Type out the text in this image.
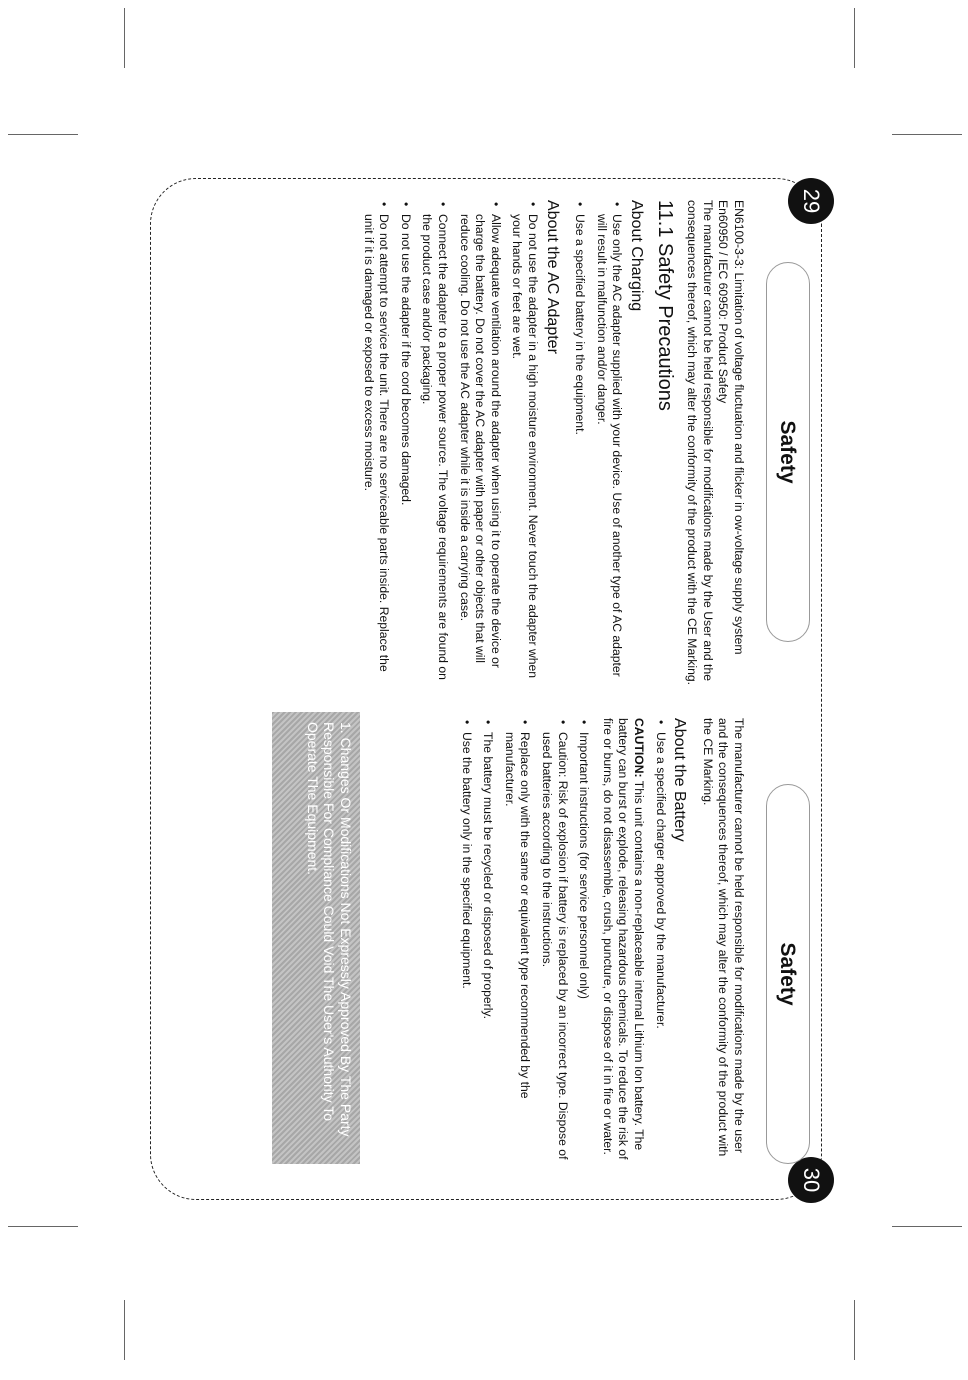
29
30
Safety
Safety

EN6100-3-3: Limitation of voltage fluctuation and flicker in ow-voltage supply system

En60950 / IEC 60950: Product Safety

The manufacturer cannot be held responsible for modifications made by the User and the consequences thereof, which may alter the conformity of the product with the CE Marking.

11.1 Safety Precautions
About Charging
• Use only the AC adapter supplied with your device. Use of another type of AC adapter will result in malfunction and/or danger.
• Use a specified battery in the equipment.
About the AC Adapter
• Do not use the adapter in a high moisture environment. Never touch the adapter when your hands or feet are wet.
• Allow adequate ventilation around the adapter when using it to operate the device or charge the battery. Do not cover the AC adapter with paper or other objects that will reduce cooling. Do not use the AC adapter while it is inside a carrying case.
• Connect the adapter to a proper power source. The voltage requirements are found on the product case and/or packaging.
• Do not use the adapter if the cord becomes damaged.
• Do not attempt to service the unit. There are no serviceable parts inside. Replace the unit if it is damaged or exposed to excess moisture.

The manufacturer cannot be held responsible for modifications made by the user and the consequences thereof, which may alter the conformity of the product with the CE Marking.

About the Battery
• Use a specified charger approved by the manufacturer.

CAUTION: This unit contains a non-replaceable internal Lithium Ion battery. The battery can burst or explode, releasing hazardous chemicals. To reduce the risk of fire or burns, do not disassemble, crush, puncture, or dispose of it in fire or water.

• Important instructions (for service personnel only)
• Caution: Risk of explosion if battery is replaced by an incorrect type. Dispose of used batteries according to the instructions.
• Replace only with the same or equivalent type recommended by the manufacturer.
• The battery must be recycled or disposed of properly.
• Use the battery only in the specified equipment.
1. Changes Or Modifications Not Expressly Approved By The Party Responsible For Compliance Could Void The User's Authority To Operate The Equipment.
